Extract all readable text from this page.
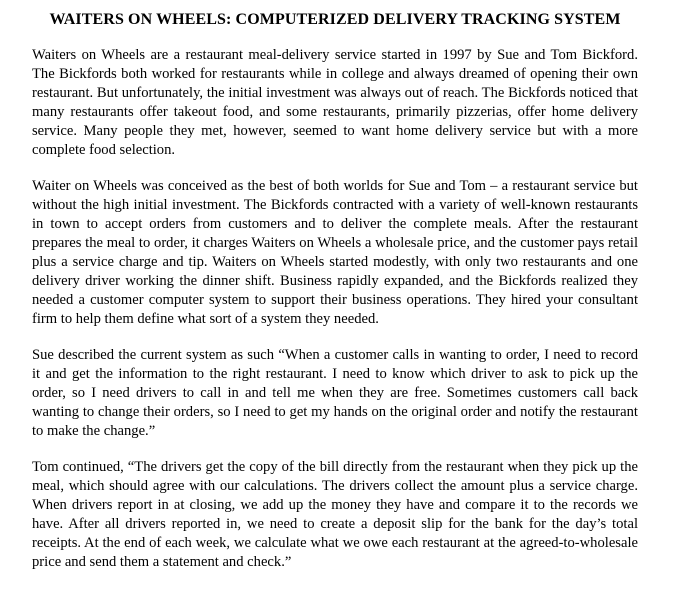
WAITERS ON WHEELS: COMPUTERIZED DELIVERY TRACKING SYSTEM

Waiters on Wheels are a restaurant meal-delivery service started in 1997 by Sue and Tom Bickford. The Bickfords both worked for restaurants while in college and always dreamed of opening their own restaurant. But unfortunately, the initial investment was always out of reach. The Bickfords noticed that many restaurants offer takeout food, and some restaurants, primarily pizzerias, offer home delivery service. Many people they met, however, seemed to want home delivery service but with a more complete food selection.

Waiter on Wheels was conceived as the best of both worlds for Sue and Tom – a restaurant service but without the high initial investment. The Bickfords contracted with a variety of well-known restaurants in town to accept orders from customers and to deliver the complete meals. After the restaurant prepares the meal to order, it charges Waiters on Wheels a wholesale price, and the customer pays retail plus a service charge and tip. Waiters on Wheels started modestly, with only two restaurants and one delivery driver working the dinner shift. Business rapidly expanded, and the Bickfords realized they needed a customer computer system to support their business operations. They hired your consultant firm to help them define what sort of a system they needed.

Sue described the current system as such “When a customer calls in wanting to order, I need to record it and get the information to the right restaurant. I need to know which driver to ask to pick up the order, so I need drivers to call in and tell me when they are free. Sometimes customers call back wanting to change their orders, so I need to get my hands on the original order and notify the restaurant to make the change.”

Tom continued, “The drivers get the copy of the bill directly from the restaurant when they pick up the meal, which should agree with our calculations. The drivers collect the amount plus a service charge. When drivers report in at closing, we add up the money they have and compare it to the records we have. After all drivers reported in, we need to create a deposit slip for the bank for the day’s total receipts. At the end of each week, we calculate what we owe each restaurant at the agreed-to-wholesale price and send them a statement and check.”
